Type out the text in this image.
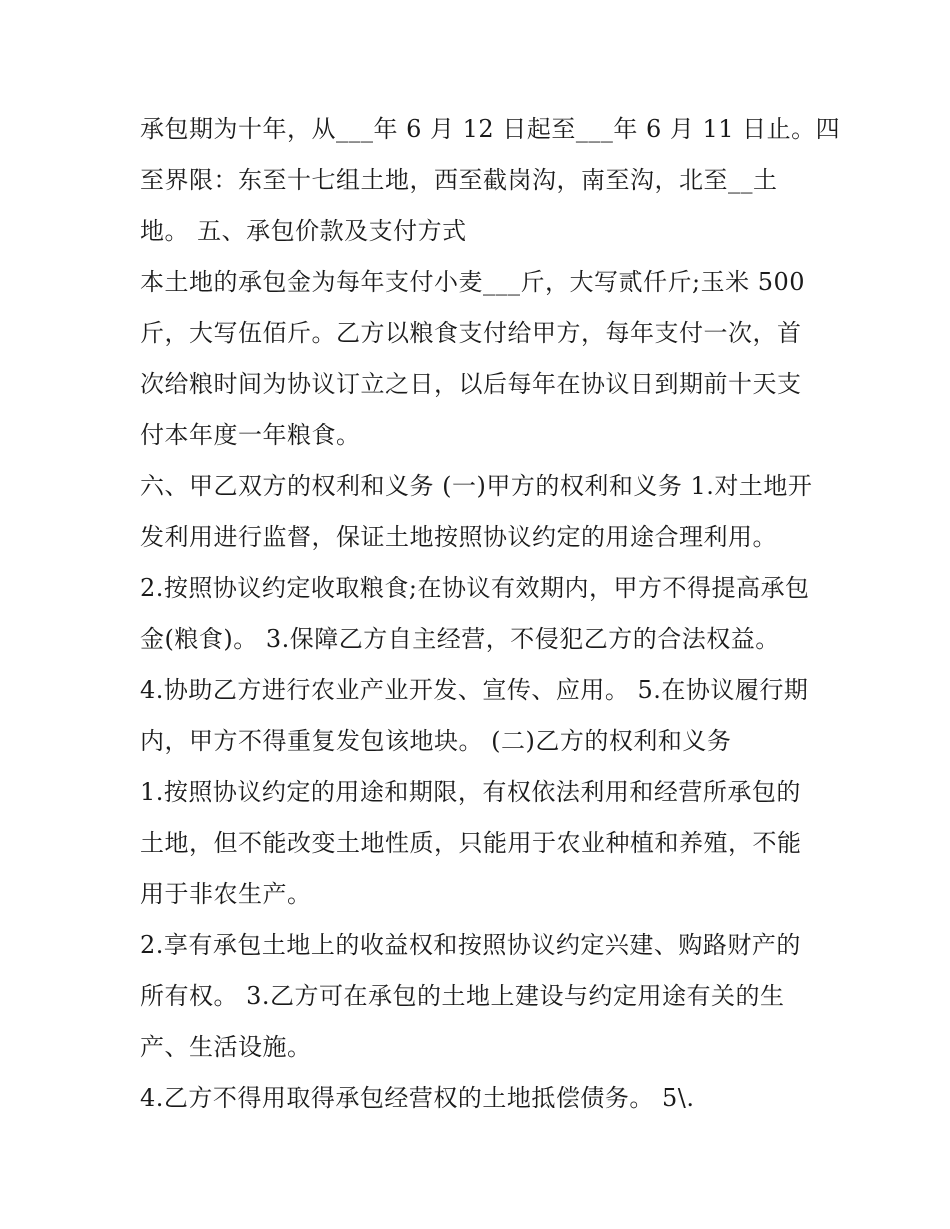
承包期为十年，从___年 6 月 12 日起至___年 6 月 11 日止。四
至界限：东至十七组土地，西至截岗沟，南至沟，北至__土
地。 五、承包价款及支付方式
本土地的承包金为每年支付小麦___斤，大写贰仟斤;玉米 500
斤，大写伍佰斤。乙方以粮食支付给甲方，每年支付一次，首
次给粮时间为协议订立之日，以后每年在协议日到期前十天支
付本年度一年粮食。
六、甲乙双方的权利和义务 (一)甲方的权利和义务 1.对土地开
发利用进行监督，保证土地按照协议约定的用途合理利用。
2.按照协议约定收取粮食;在协议有效期内，甲方不得提高承包
金(粮食)。 3.保障乙方自主经营，不侵犯乙方的合法权益。
4.协助乙方进行农业产业开发、宣传、应用。 5.在协议履行期
内，甲方不得重复发包该地块。 (二)乙方的权利和义务
1.按照协议约定的用途和期限，有权依法利用和经营所承包的
土地，但不能改变土地性质，只能用于农业种植和养殖，不能
用于非农生产。
2.享有承包土地上的收益权和按照协议约定兴建、购路财产的
所有权。 3.乙方可在承包的土地上建设与约定用途有关的生
产、生活设施。
4.乙方不得用取得承包经营权的土地抵偿债务。 5\.
